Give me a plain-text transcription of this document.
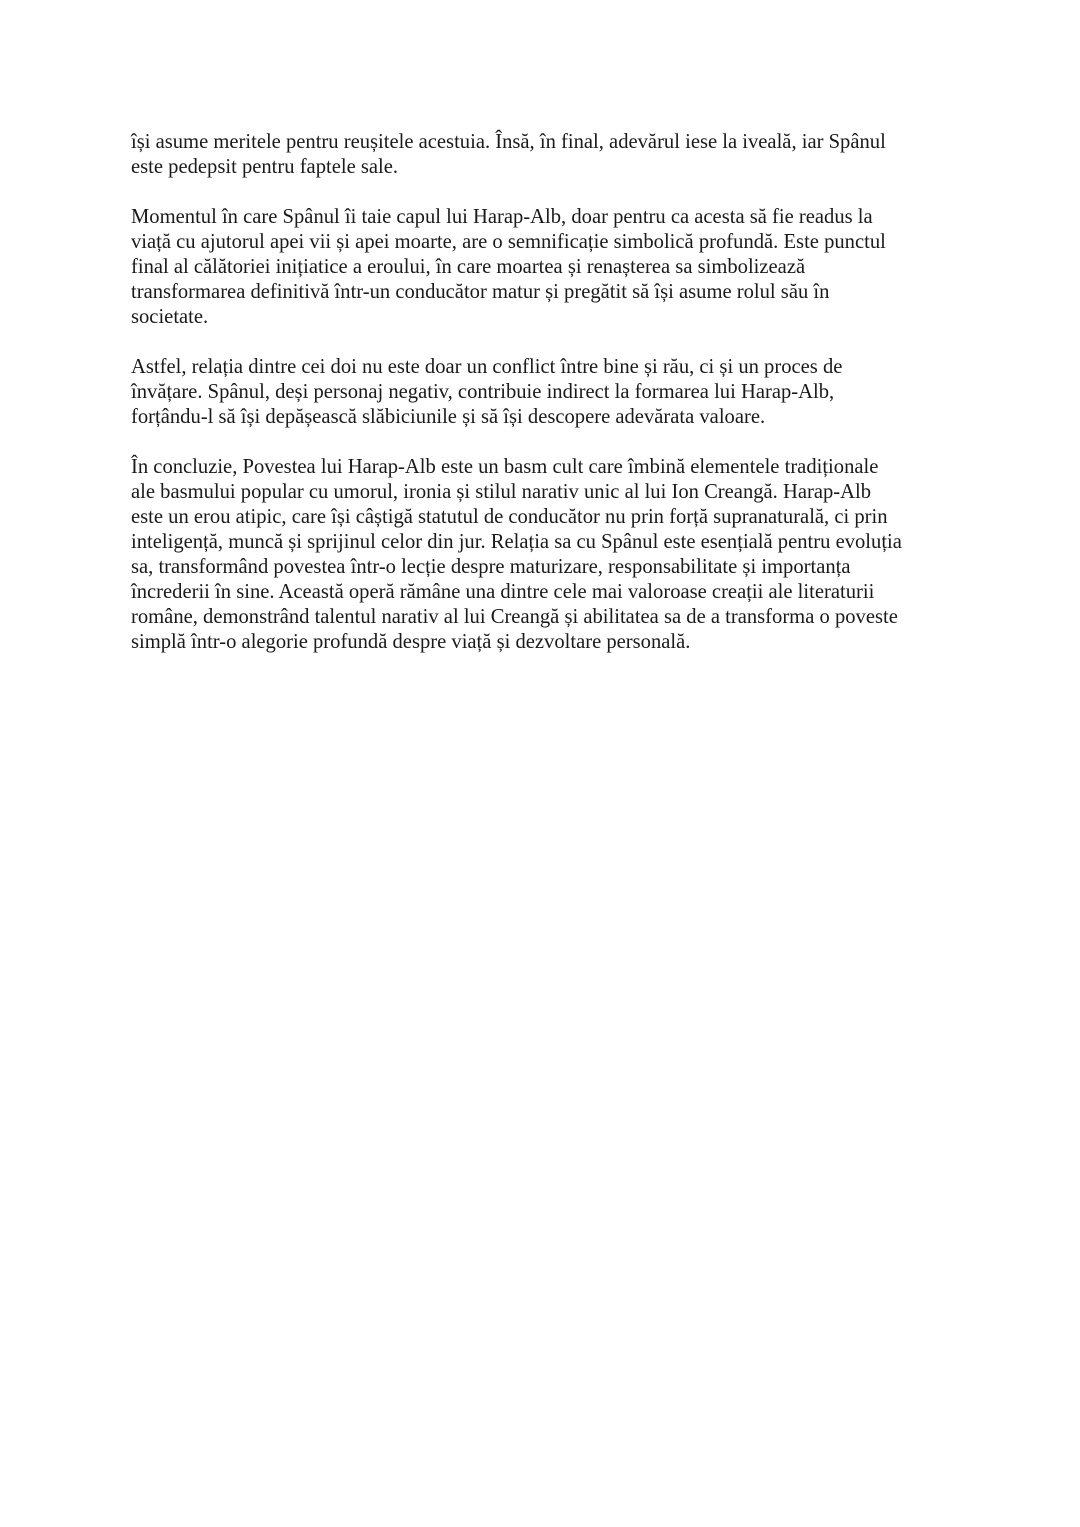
își asume meritele pentru reușitele acestuia. Însă, în final, adevărul iese la iveală, iar Spânul
este pedepsit pentru faptele sale.

Momentul în care Spânul îi taie capul lui Harap-Alb, doar pentru ca acesta să fie readus la
viață cu ajutorul apei vii și apei moarte, are o semnificație simbolică profundă. Este punctul
final al călătoriei inițiatice a eroului, în care moartea și renașterea sa simbolizează
transformarea definitivă într-un conducător matur și pregătit să își asume rolul său în
societate.

Astfel, relația dintre cei doi nu este doar un conflict între bine și rău, ci și un proces de
învățare. Spânul, deși personaj negativ, contribuie indirect la formarea lui Harap-Alb,
forțându-l să își depășească slăbiciunile și să își descopere adevărata valoare.

În concluzie, Povestea lui Harap-Alb este un basm cult care îmbină elementele tradiționale
ale basmului popular cu umorul, ironia și stilul narativ unic al lui Ion Creangă. Harap-Alb
este un erou atipic, care își câștigă statutul de conducător nu prin forță supranaturală, ci prin
inteligență, muncă și sprijinul celor din jur. Relația sa cu Spânul este esențială pentru evoluția
sa, transformând povestea într-o lecție despre maturizare, responsabilitate și importanța
încrederii în sine. Această operă rămâne una dintre cele mai valoroase creații ale literaturii
române, demonstrând talentul narativ al lui Creangă și abilitatea sa de a transforma o poveste
simplă într-o alegorie profundă despre viață și dezvoltare personală.
